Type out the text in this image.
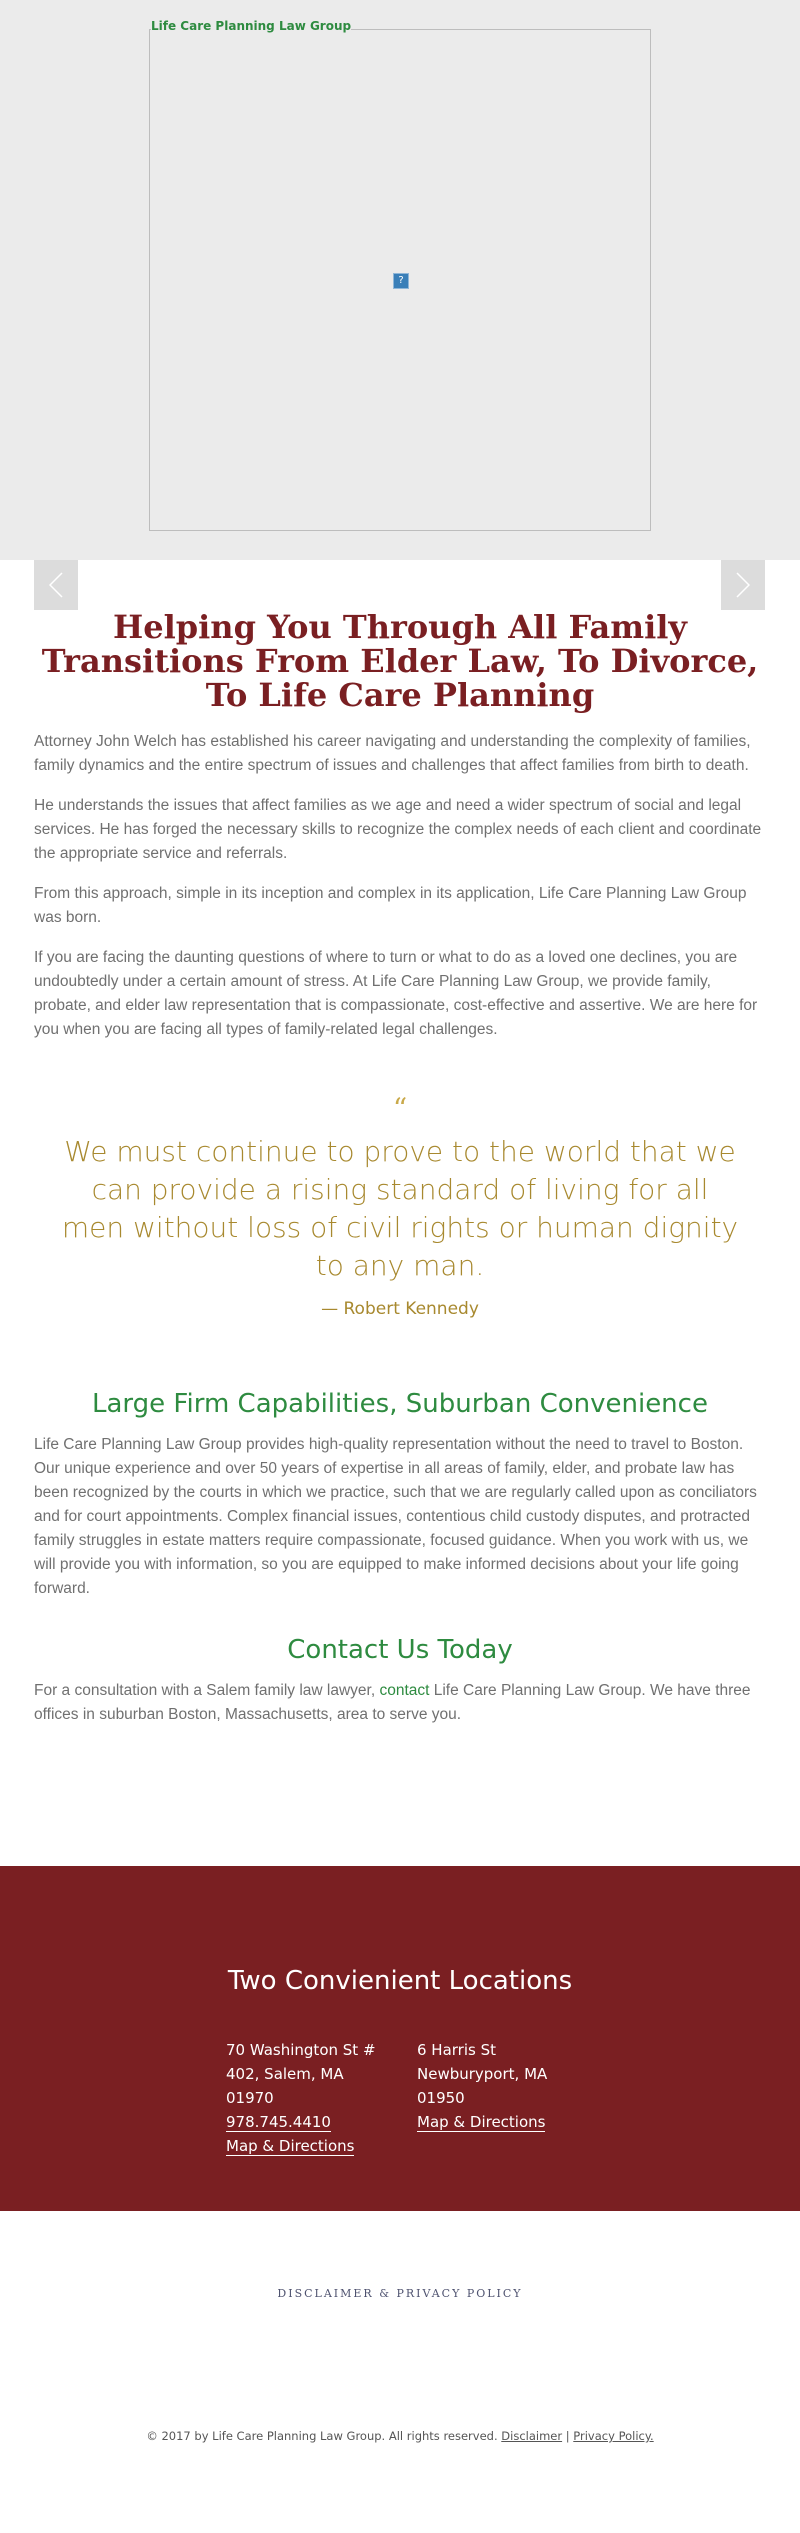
Life Care Planning Law Group
?
Helping You Through All Family Transitions From Elder Law, To Divorce, To Life Care Planning

Attorney John Welch has established his career navigating and understanding the complexity of families, family dynamics and the entire spectrum of issues and challenges that affect families from birth to death.

He understands the issues that affect families as we age and need a wider spectrum of social and legal services. He has forged the necessary skills to recognize the complex needs of each client and coordinate the appropriate service and referrals.

From this approach, simple in its inception and complex in its application, Life Care Planning Law Group was born.

If you are facing the daunting questions of where to turn or what to do as a loved one declines, you are undoubtedly under a certain amount of stress. At Life Care Planning Law Group, we provide family, probate, and elder law representation that is compassionate, cost-effective and assertive. We are here for you when you are facing all types of family-related legal challenges.

“
We must continue to prove to the world that we can provide a rising standard of living for all men without loss of civil rights or human dignity to any man.
— Robert Kennedy
Large Firm Capabilities, Suburban Convenience

Life Care Planning Law Group provides high-quality representation without the need to travel to Boston. Our unique experience and over 50 years of expertise in all areas of family, elder, and probate law has been recognized by the courts in which we practice, such that we are regularly called upon as conciliators and for court appointments. Complex financial issues, contentious child custody disputes, and protracted family struggles in estate matters require compassionate, focused guidance. When you work with us, we will provide you with information, so you are equipped to make informed decisions about your life going forward.

Contact Us Today

For a consultation with a Salem family law lawyer, contact Life Care Planning Law Group. We have three offices in suburban Boston, Massachusetts, area to serve you.

Two Convienient Locations
70 Washington St #
402, Salem, MA
01970
978.745.4410
Map & Directions
6 Harris St
Newburyport, MA
01950
Map & Directions
DISCLAIMER & PRIVACY POLICY
© 2017 by Life Care Planning Law Group. All rights reserved. Disclaimer | Privacy Policy.
